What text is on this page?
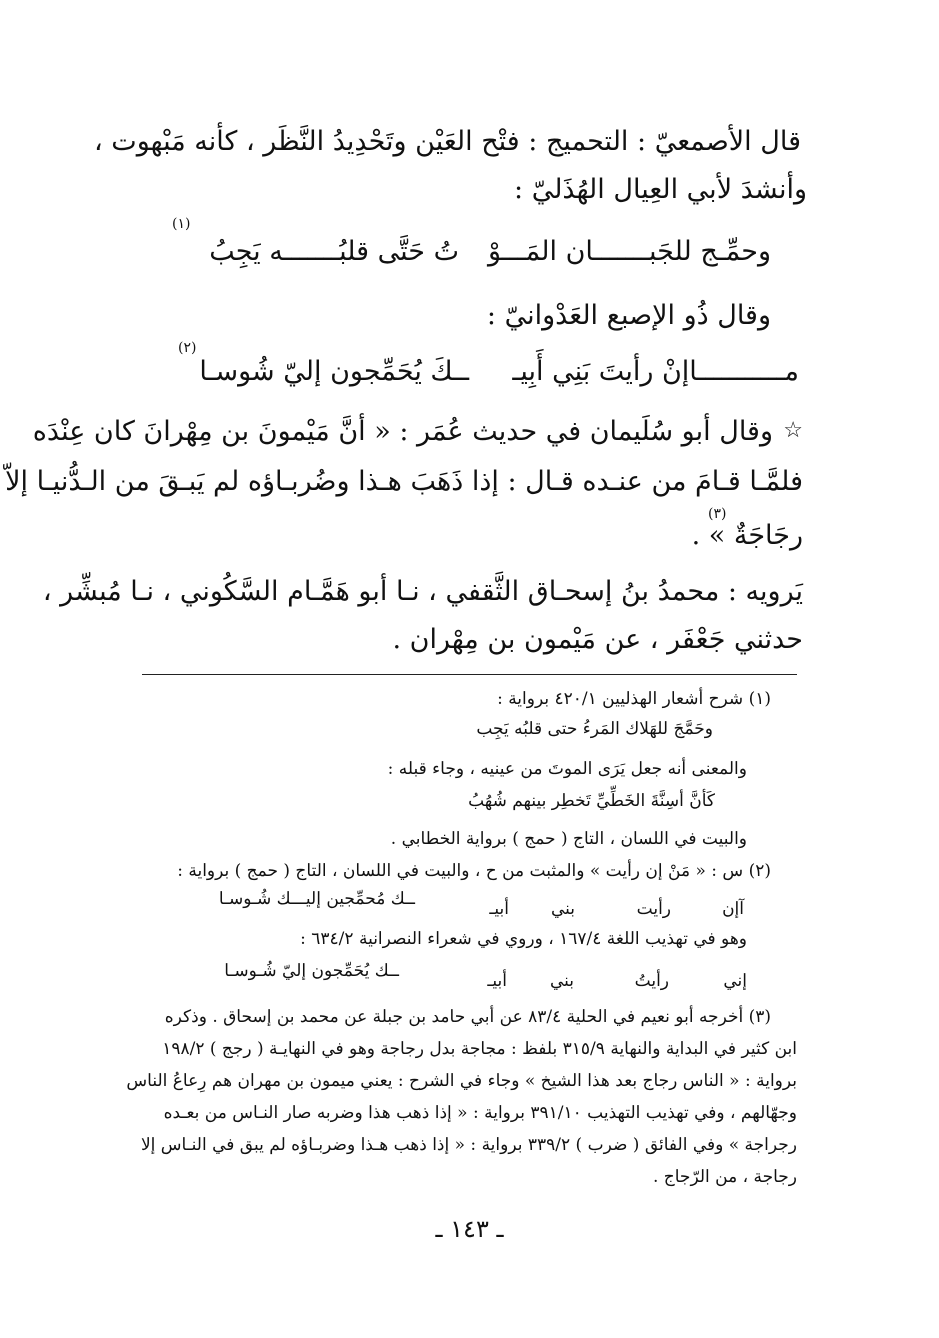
قال الأصمعيّ : التحميج : فتْح العَيْن وتَحْدِيدُ النَّظَر ، كأنه مَبْهوت ،
وأنشدَ لأبي العِيال الهُذَليّ :
وحمِّـج للجَبـــــــان المَـــوْ
تُ حَتَّى قلبُـــــــه يَجِبُ
(١)
وقال ذُو الإصبع العَدْوانيّ :
مـــــــــــاإنْ رأيتَ بَنِي أَبِيـ
ــكَ يُحَمِّجون إليّ شُوسـا
(٢)
وقال أبو سُلَيمان في حديث عُمَر : « أنَّ مَيْمونَ بن مِهْرانَ كان عِنْدَه ☆
فلمَّـا قـامَ من عنـده قـال : إذا ذَهَبَ هـذا وضُربـاؤه لم يَبـقَ من الـدُّنيـا إلاّ
رجَاجَةٌ » .
(٣)
يَرويه : محمدُ بنُ إسحـاق الثَّقفي ، نـا أبو هَمَّـام السَّكُوني ، نـا مُبشِّر ،
حدثني جَعْفَر ، عن مَيْمون بن مِهْران .
(١) شرح أشعار الهذليين ٤٢٠/١ برواية :
وحَمَّجَ للهَلاك المَرءُ حتى قلبُه يَجِب
والمعنى أنه جعل يَرَى الموتَ من عينيه ، وجاء قبله :
كَأنَّ أسِنَّةَ الخَطِّيِّ تَخطِر بينهم شُهُبُ
والبيت في اللسان ، التاج ( حمج ) برواية الخطابي .
(٢) س : « مَنْ إن رأيت » والمثبت من ح ، والبيت في اللسان ، التاج ( حمج ) برواية :
آإن
رأيت
بني
أبيـ
ــك مُحمِّجين إليـــك شُـوسـا
وهو في تهذيب اللغة ١٦٧/٤ ، وروي في شعراء النصرانية ٦٣٤/٢ :
إني
رأيتُ
بني
أبيـ
ــك يُحَمِّجون إليّ شُـوسـا
(٣) أخرجه أبو نعيم في الحلية ٨٣/٤ عن أبي حامد بن جبلة عن محمد بن إسحاق . وذكره
ابن كثير في البداية والنهاية ٣١٥/٩ بلفظ : مجاجة بدل رجاجة وهو في النهايـة ( رجج ) ١٩٨/٢
برواية : « الناس رجاج بعد هذا الشيخ » وجاء في الشرح : يعني ميمون بن مهران هم رِعاعُ الناس
وجهّالهم ، وفي تهذيب التهذيب ٣٩١/١٠ برواية : « إذا ذهب هذا وضربه صار النـاس من بعـده
رجراجة » وفي الفائق ( ضرب ) ٣٣٩/٢ برواية : « إذا ذهب هـذا وضربـاؤه لم يبق في النـاس إلا
رجاجة ، من الرّجاج .
ـ ١٤٣ ـ
